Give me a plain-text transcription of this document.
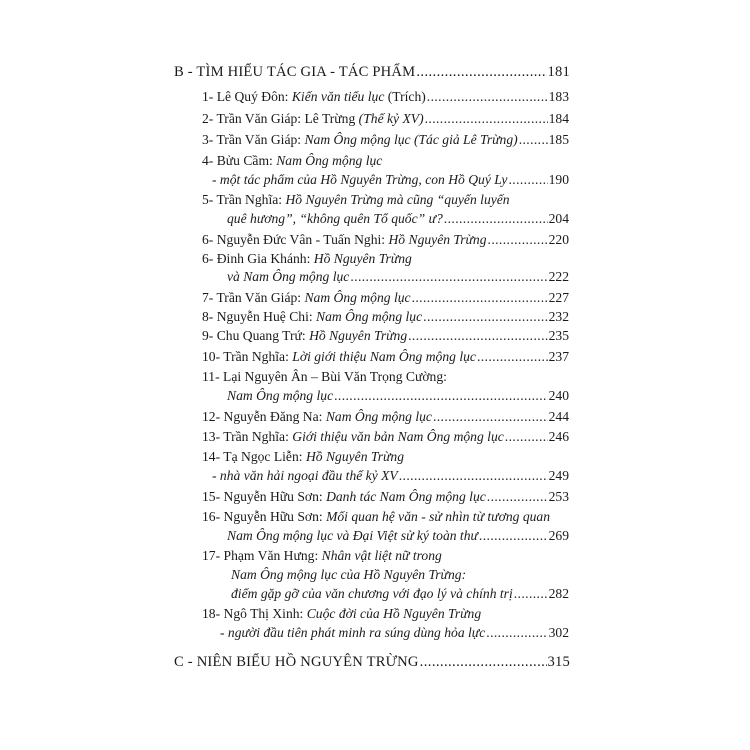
B - TÌM HIỂU TÁC GIA - TÁC PHẨM .....	181
1- Lê Quý Đôn: Kiến văn tiểu lục (Trích) .....	183
2- Trần Văn Giáp: Lê Trừng (Thế kỷ XV) .....	184
3- Trần Văn Giáp: Nam Ông mộng lục (Tác giả Lê Trừng) ..... 185
4- Bửu Cầm: Nam Ông mộng lục
- một tác phẩm của Hồ Nguyên Trừng, con Hồ Quý Ly .....	190
5- Trần Nghĩa: Hồ Nguyên Trừng mà cũng “quyến luyến
quê hương”, “không quên Tổ quốc” ư? .....	204
6- Nguyễn Đức Vân - Tuấn Nghi: Hồ Nguyên Trừng .....	220
6- Đinh Gia Khánh: Hồ Nguyên Trừng
và Nam Ông mộng lục .....	222
7- Trần Văn Giáp: Nam Ông mộng lục .....	227
8- Nguyễn Huệ Chi: Nam Ông mộng lục .....	232
9- Chu Quang Trứ: Hồ Nguyên Trừng .....	235
10- Trần Nghĩa: Lời giới thiệu Nam Ông mộng lục .....	237
11- Lại Nguyên Ân – Bùi Văn Trọng Cường:
Nam Ông mộng lục .....	240
12- Nguyễn Đăng Na: Nam Ông mộng lục .....	244
13- Trần Nghĩa: Giới thiệu văn bản Nam Ông mộng lục .....	246
14- Tạ Ngọc Liễn: Hồ Nguyên Trừng
- nhà văn hải ngoại đầu thế kỷ XV .....	249
15- Nguyễn Hữu Sơn: Danh tác Nam Ông mộng lục .....	253
16- Nguyễn Hữu Sơn: Mối quan hệ văn - sử nhìn từ tương quan
Nam Ông mộng lục và Đại Việt sử ký toàn thư .....	269
17- Phạm Văn Hưng: Nhân vật liệt nữ trong
Nam Ông mộng lục của Hồ Nguyên Trừng:
điểm gặp gỡ của văn chương với đạo lý và chính trị .....	282
18- Ngô Thị Xinh: Cuộc đời của Hồ Nguyên Trừng
- người đầu tiên phát minh ra súng dùng hỏa lực .....	302
C - NIÊN BIỂU HỒ NGUYÊN TRỪNG .....	315
